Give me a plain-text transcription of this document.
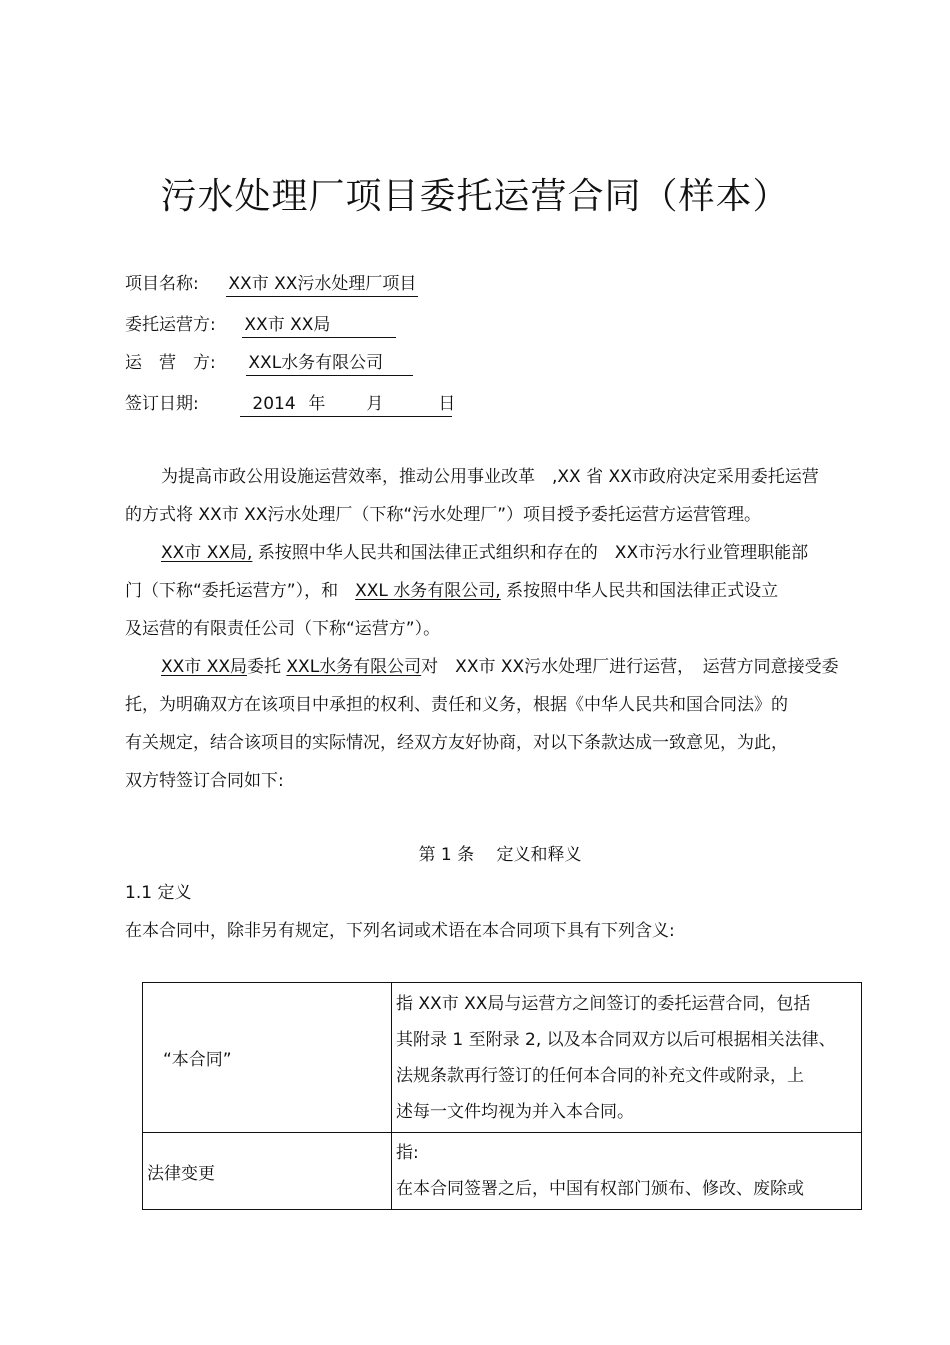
污水处理厂项目委托运营合同（样本）
项目名称: XX市 XX污水处理厂项目
委托运营方: XX市 XX局
运　营　方: XXL水务有限公司
签订日期:	2014 年 月	日

为提高市政公用设施运营效率，推动公用事业改革　,XX 省 XX市政府决定采用委托运营
的方式将 XX市 XX污水处理厂（下称“污水处理厂”）项目授予委托运营方运营管理。

XX市 XX局, 系按照中华人民共和国法律正式组织和存在的　XX市污水行业管理职能部
门（下称“委托运营方”），和　XXL 水务有限公司, 系按照中华人民共和国法律正式设立
及运营的有限责任公司（下称“运营方”）。

XX市 XX局委托 XXL水务有限公司对　XX市 XX污水处理厂进行运营，　运营方同意接受委
托，为明确双方在该项目中承担的权利、责任和义务，根据《中华人民共和国合同法》的
有关规定，结合该项目的实际情况，经双方友好协商，对以下条款达成一致意见，为此，
双方特签订合同如下:

第 1 条　 定义和释义
1.1 定义
在本合同中，除非另有规定，下列名词或术语在本合同项下具有下列含义:
“本合同”	指 XX市 XX局与运营方之间签订的委托运营合同，包括
其附录 1 至附录 2, 以及本合同双方以后可根据相关法律、
法规条款再行签订的任何本合同的补充文件或附录，上
述每一文件均视为并入本合同。

法律变更	指:
在本合同签署之后，中国有权部门颁布、修改、废除或
